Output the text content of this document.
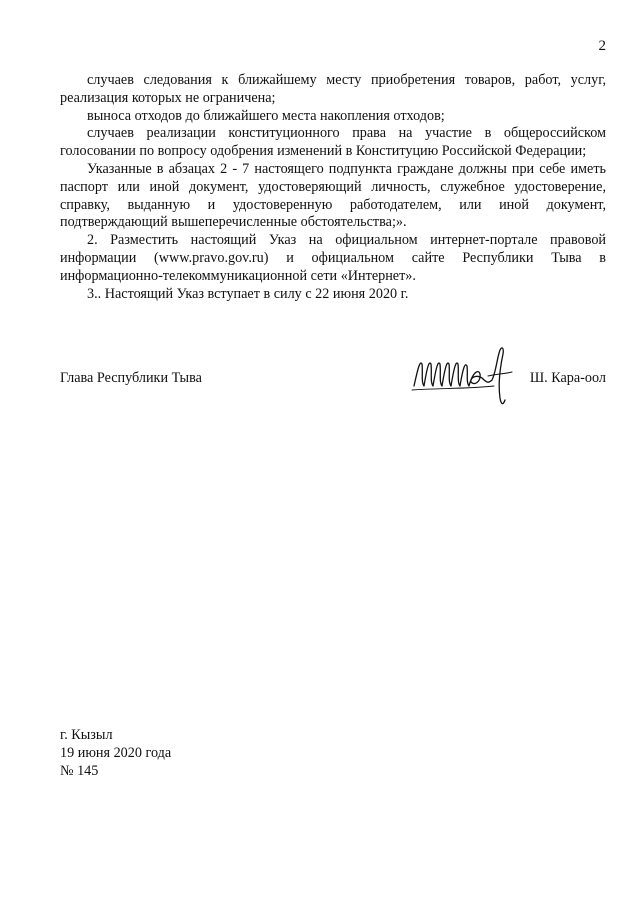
2

случаев следования к ближайшему месту приобретения товаров, работ, услуг, реализация которых не ограничена;

выноса отходов до ближайшего места накопления отходов;

случаев реализации конституционного права на участие в общероссийском голосовании по вопросу одобрения изменений в Конституцию Российской Федерации;

Указанные в абзацах 2 - 7 настоящего подпункта граждане должны при себе иметь паспорт или иной документ, удостоверяющий личность, служебное удостоверение, справку, выданную и удостоверенную работодателем, или иной документ, подтверждающий вышеперечисленные обстоятельства;».

2. Разместить настоящий Указ на официальном интернет-портале правовой информации (www.pravo.gov.ru) и официальном сайте Республики Тыва в информационно-телекоммуникационной сети «Интернет».

3.. Настоящий Указ вступает в силу с 22 июня 2020 г.

Глава Республики Тыва	Ш. Кара-оол
г. Кызыл
19 июня 2020 года
№ 145
